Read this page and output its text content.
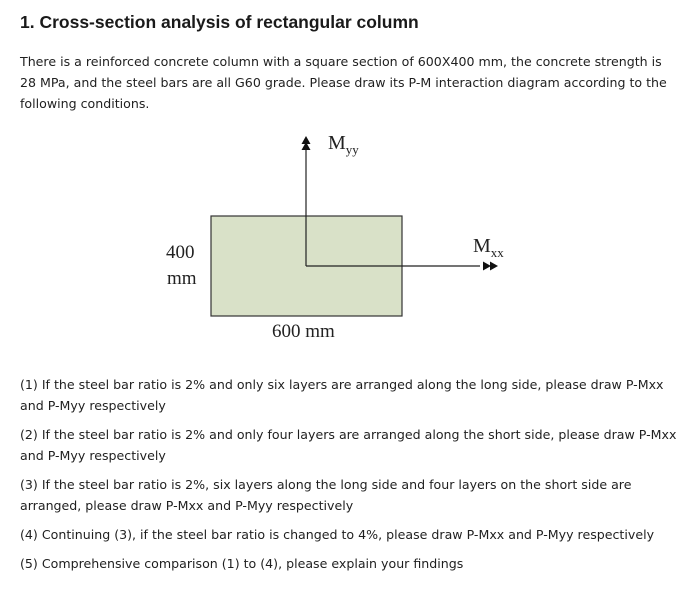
1. Cross-section analysis of rectangular column
There is a reinforced concrete column with a square section of 600X400 mm, the concrete strength is 28 MPa, and the steel bars are all G60 grade. Please draw its P-M interaction diagram according to the following conditions.
$M_{yy}$
$M_{xx}$
400
mm
600 mm

(1) If the steel bar ratio is 2% and only six layers are arranged along the long side, please draw P-Mxx and P-Myy respectively

(2) If the steel bar ratio is 2% and only four layers are arranged along the short side, please draw P-Mxx and P-Myy respectively

(3) If the steel bar ratio is 2%, six layers along the long side and four layers on the short side are arranged, please draw P-Mxx and P-Myy respectively

(4) Continuing (3), if the steel bar ratio is changed to 4%, please draw P-Mxx and P-Myy respectively

(5) Comprehensive comparison (1) to (4), please explain your findings
